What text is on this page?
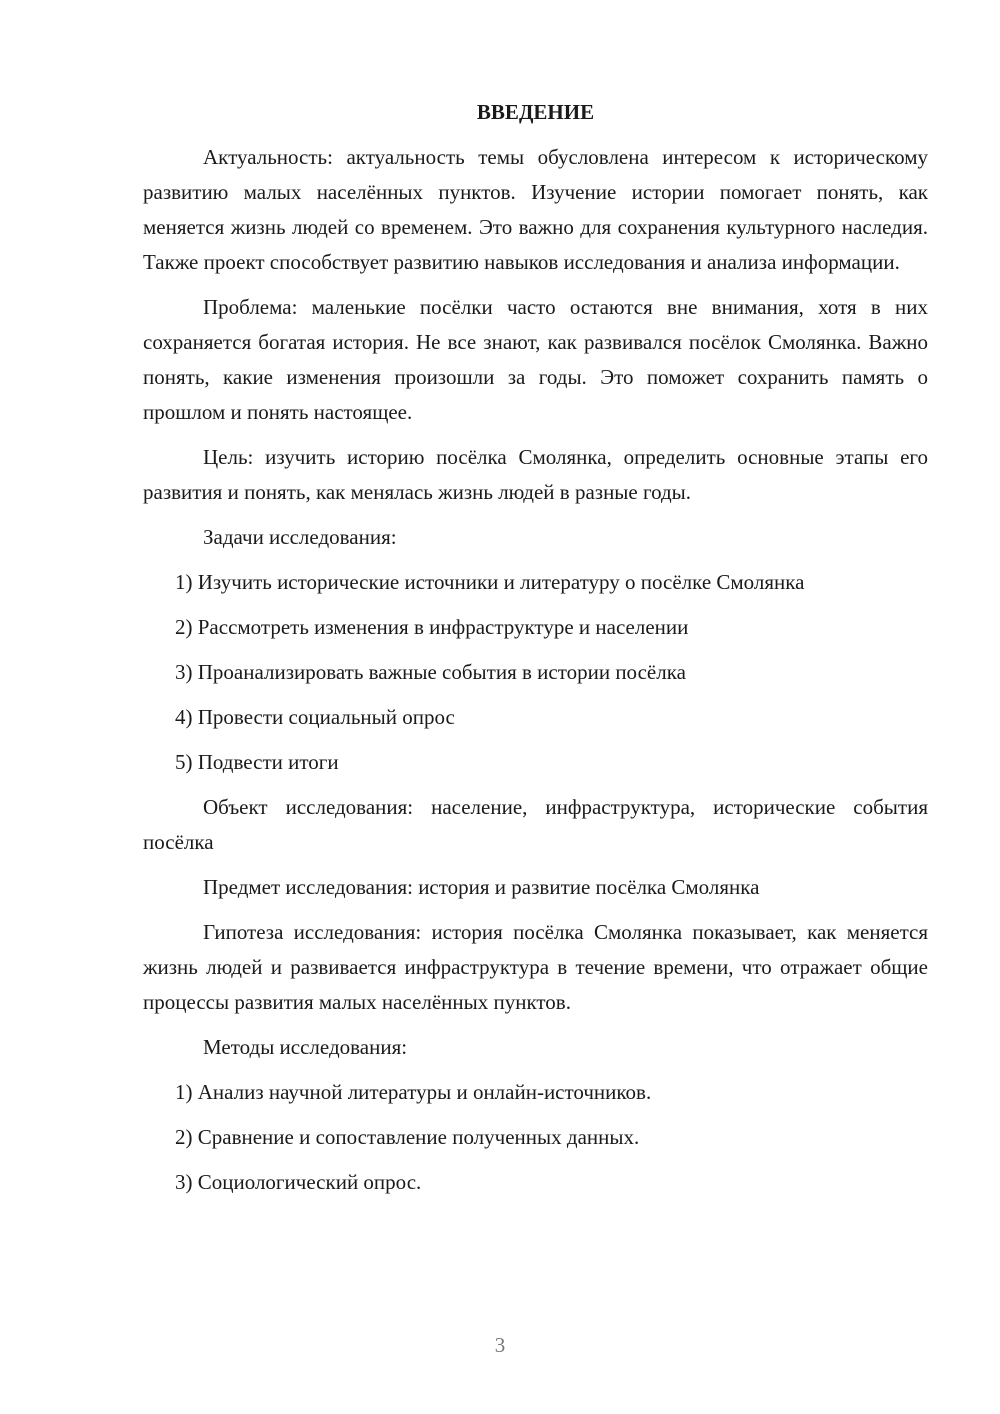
ВВЕДЕНИЕ

Актуальность: актуальность темы обусловлена интересом к историческому развитию малых населённых пунктов. Изучение истории помогает понять, как меняется жизнь людей со временем. Это важно для сохранения культурного наследия. Также проект способствует развитию навыков исследования и анализа информации.

Проблема: маленькие посёлки часто остаются вне внимания, хотя в них сохраняется богатая история. Не все знают, как развивался посёлок Смолянка. Важно понять, какие изменения произошли за годы. Это поможет сохранить память о прошлом и понять настоящее.

Цель: изучить историю посёлка Смолянка, определить основные этапы его развития и понять, как менялась жизнь людей в разные годы.

Задачи исследования:

1) Изучить исторические источники и литературу о посёлке Смолянка
2) Рассмотреть изменения в инфраструктуре и населении
3) Проанализировать важные события в истории посёлка
4) Провести социальный опрос
5) Подвести итоги

Объект исследования: население, инфраструктура, исторические события посёлка

Предмет исследования: история и развитие посёлка Смолянка

Гипотеза исследования: история посёлка Смолянка показывает, как меняется жизнь людей и развивается инфраструктура в течение времени, что отражает общие процессы развития малых населённых пунктов.

Методы исследования:

1) Анализ научной литературы и онлайн-источников.
2) Сравнение и сопоставление полученных данных.
3) Социологический опрос.
3
